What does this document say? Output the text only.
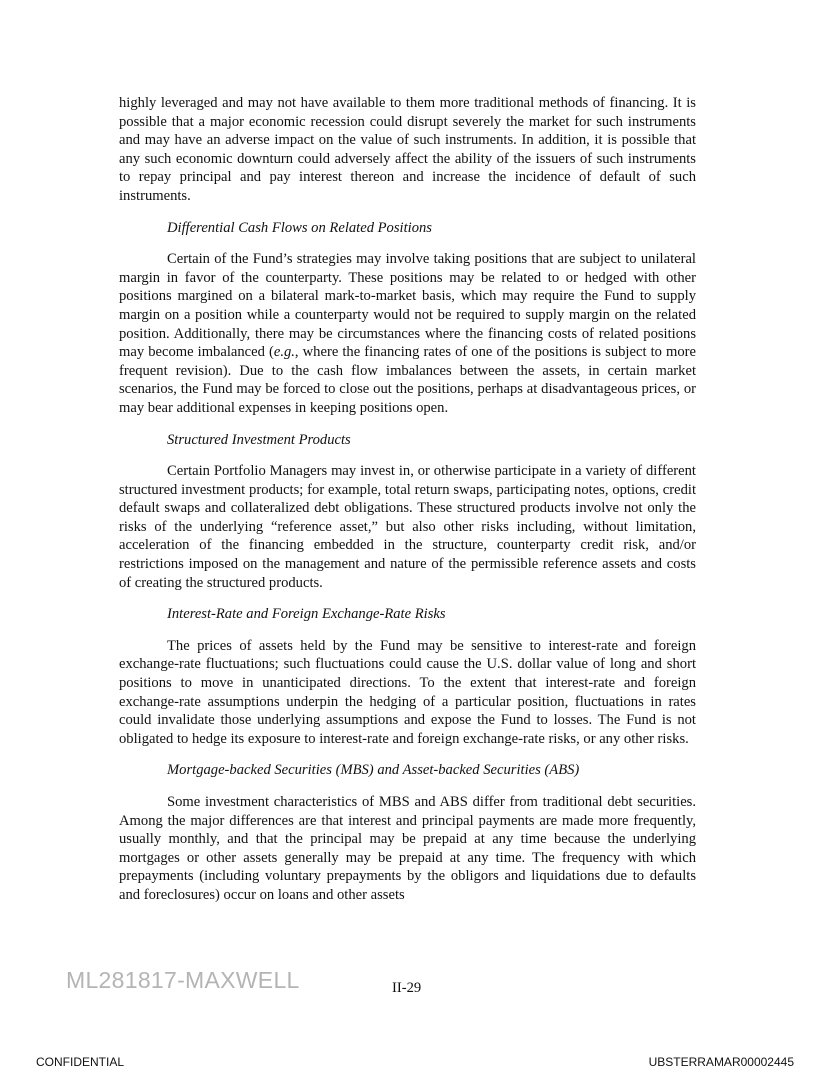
highly leveraged and may not have available to them more traditional methods of financing. It is possible that a major economic recession could disrupt severely the market for such instruments and may have an adverse impact on the value of such instruments. In addition, it is possible that any such economic downturn could adversely affect the ability of the issuers of such instruments to repay principal and pay interest thereon and increase the incidence of default of such instruments.

Differential Cash Flows on Related Positions

Certain of the Fund’s strategies may involve taking positions that are subject to unilateral margin in favor of the counterparty. These positions may be related to or hedged with other positions margined on a bilateral mark-to-market basis, which may require the Fund to supply margin on a position while a counterparty would not be required to supply margin on the related position. Additionally, there may be circumstances where the financing costs of related positions may become imbalanced (e.g., where the financing rates of one of the positions is subject to more frequent revision). Due to the cash flow imbalances between the assets, in certain market scenarios, the Fund may be forced to close out the positions, perhaps at disadvantageous prices, or may bear additional expenses in keeping positions open.

Structured Investment Products

Certain Portfolio Managers may invest in, or otherwise participate in a variety of different structured investment products; for example, total return swaps, participating notes, options, credit default swaps and collateralized debt obligations. These structured products involve not only the risks of the underlying “reference asset,” but also other risks including, without limitation, acceleration of the financing embedded in the structure, counterparty credit risk, and/or restrictions imposed on the management and nature of the permissible reference assets and costs of creating the structured products.

Interest-Rate and Foreign Exchange-Rate Risks

The prices of assets held by the Fund may be sensitive to interest-rate and foreign exchange-rate fluctuations; such fluctuations could cause the U.S. dollar value of long and short positions to move in unanticipated directions. To the extent that interest-rate and foreign exchange-rate assumptions underpin the hedging of a particular position, fluctuations in rates could invalidate those underlying assumptions and expose the Fund to losses. The Fund is not obligated to hedge its exposure to interest-rate and foreign exchange-rate risks, or any other risks.

Mortgage-backed Securities (MBS) and Asset-backed Securities (ABS)

Some investment characteristics of MBS and ABS differ from traditional debt securities. Among the major differences are that interest and principal payments are made more frequently, usually monthly, and that the principal may be prepaid at any time because the underlying mortgages or other assets generally may be prepaid at any time. The frequency with which prepayments (including voluntary prepayments by the obligors and liquidations due to defaults and foreclosures) occur on loans and other assets

ML281817-MAXWELL	II-29
CONFIDENTIAL	UBSTERRAMAR00002445
